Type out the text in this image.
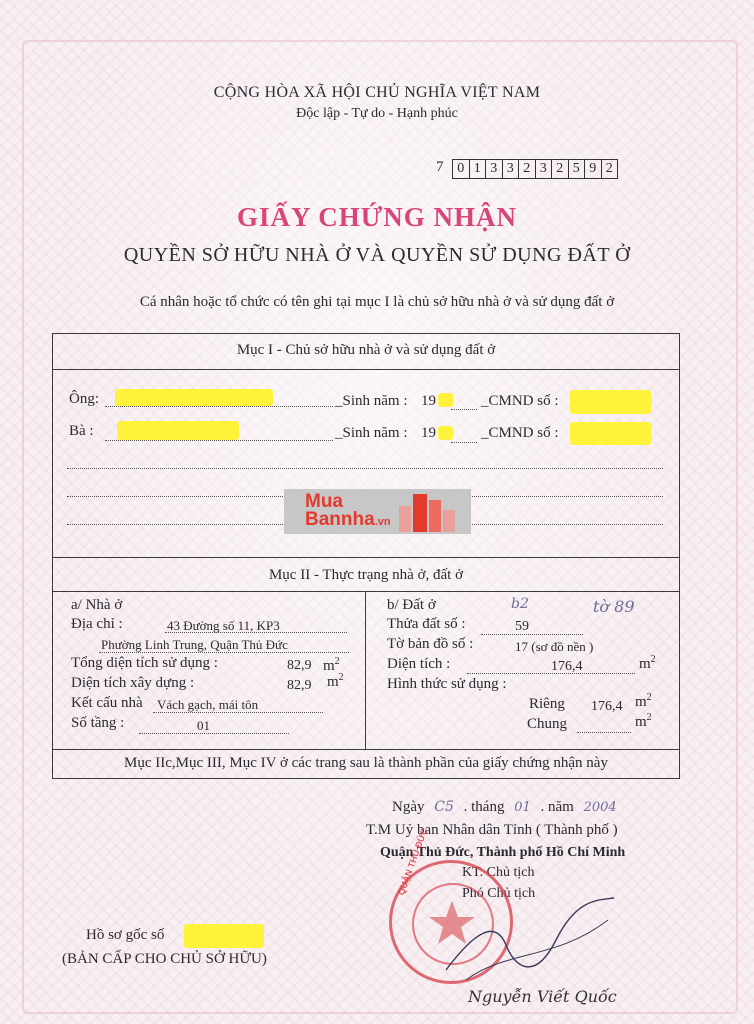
CỘNG HÒA XÃ HỘI CHỦ NGHĨA VIỆT NAM
Độc lập - Tự do - Hạnh phúc
7 0 1 3 3 2 3 2 5 9 2
GIẤY CHỨNG NHẬN
QUYỀN SỞ HỮU NHÀ Ở VÀ QUYỀN SỬ DỤNG ĐẤT Ở
Cá nhân hoặc tổ chức có tên ghi tại mục I là chủ sở hữu nhà ở và sử dụng đất ở
Mục I - Chủ sở hữu nhà ở và sử dụng đất ở
Ông:	_Sinh năm : 19	_CMND số :
Bà :	_Sinh năm : 19	_CMND số :
Mục II - Thực trạng nhà ở, đất ở
a/ Nhà ở
Địa chỉ :	43 Đường số 11, KP3
Phường Linh Trung, Quận Thủ Đức
Tổng diện tích sử dụng :	82,9 $m^2$
Diện tích xây dựng :	82,9 $m^2$
Kết cấu nhà Vách gạch, mái tôn
Số tầng :	01
b/ Đất ở	b2	tờ 89
Thửa đất số :	59
Tờ bản đồ số :	17 (sơ đồ nền )
Diện tích :	176,4	$m^2$
Hình thức sử dụng :
Riêng 176,4 $m^2$
Chung	$m^2$
Mục IIc,Mục III, Mục IV ở các trang sau là thành phần của giấy chứng nhận này
Mua
Bannha.vn
Ngày C5 . tháng 01 . năm 2004
T.M Uỷ ban Nhân dân Tỉnh ( Thành phố )
Quận Thủ Đức, Thành phố Hồ Chí Minh
KT. Chủ tịch
Phó Chủ tịch
QUẬN THỦ ĐỨC
Nguyễn Viết Quốc
Hồ sơ gốc số
(BẢN CẤP CHO CHỦ SỞ HỮU)
